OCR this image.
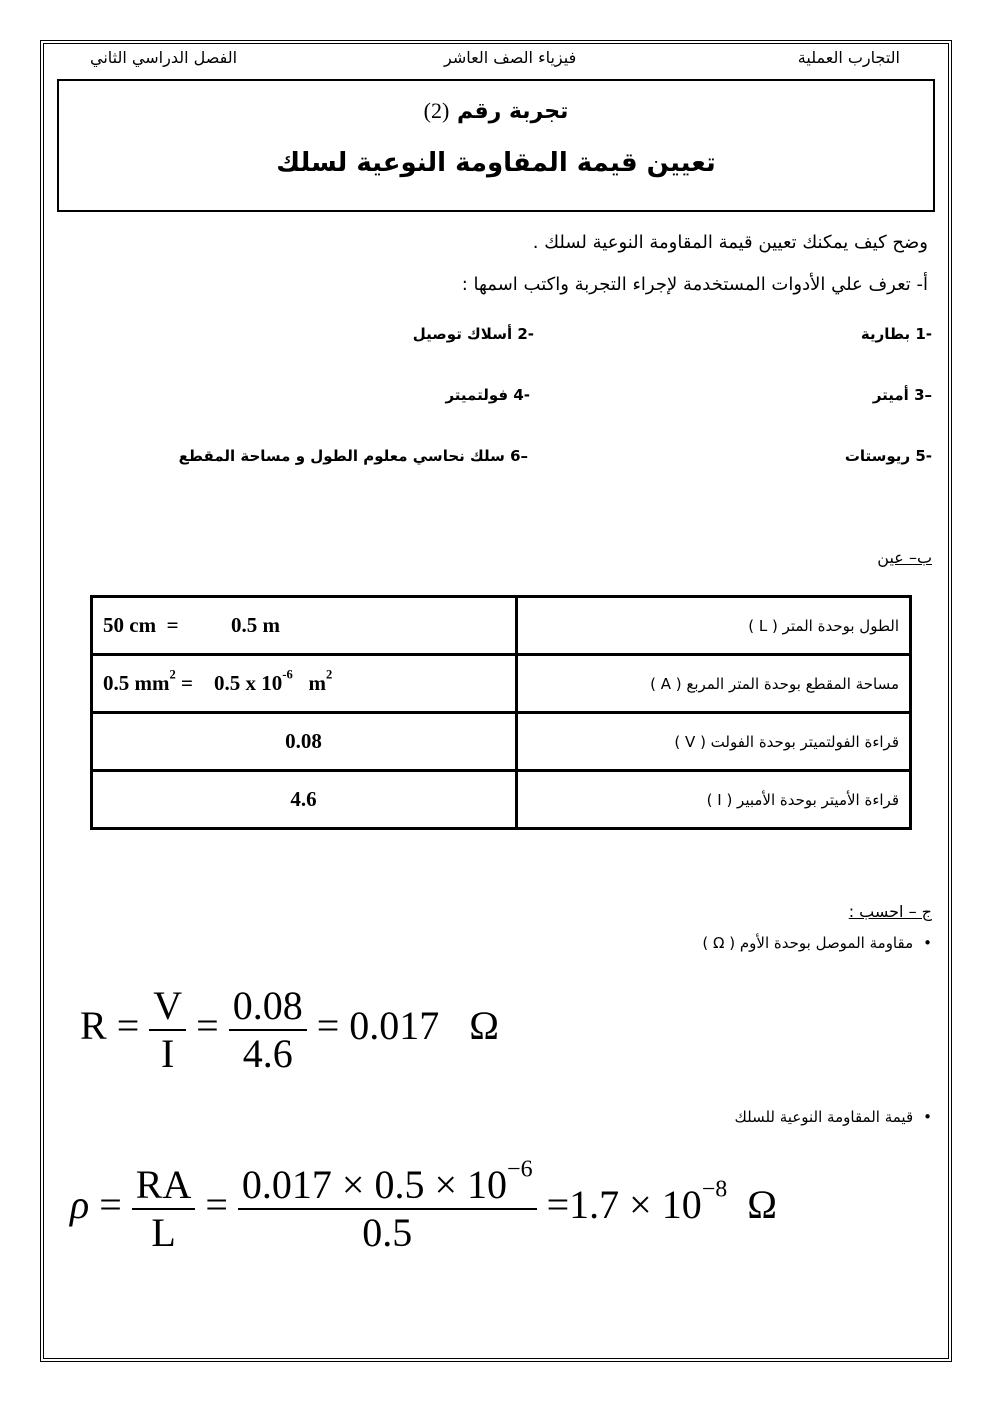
التجارب العملية
فيزياء الصف العاشر
الفصل الدراسي الثاني
تجربة رقم (2)
تعيين قيمة المقاومة النوعية لسلك
وضح كيف يمكنك تعيين قيمة المقاومة النوعية لسلك .
أ- تعرف علي الأدوات المستخدمة لإجراء التجربة واكتب اسمها :
-1 بطارية
-2 أسلاك توصيل
–3 أميتر
-4 فولتميتر
-5 ريوستات
–6 سلك نحاسي معلوم الطول و مساحة المقطع
ب– عين
50 cm = 0.5 m	الطول بوحدة المتر ( L )
0.5 $mm^2 = 0.5$ x $10^{-6}$ $m^2$	مساحة المقطع بوحدة المتر المربع ( A )
0.08	قراءة الفولتميتر بوحدة الفولت ( V )
4.6	قراءة الأميتر بوحدة الأمبير ( I )
ج – احسب :
•مقاومة الموصل بوحدة الأوم ( Ω )
$R = \frac{V}{I} = \frac{0.08}{4.6} = 0.017$ Ω
•قيمة المقاومة النوعية للسلك
$\rho = \frac{RA}{L} = \frac{0.017 \times 0.5 \times 10^{-6}}{0.5} =1.7 \times 10^{-8}$ Ω
